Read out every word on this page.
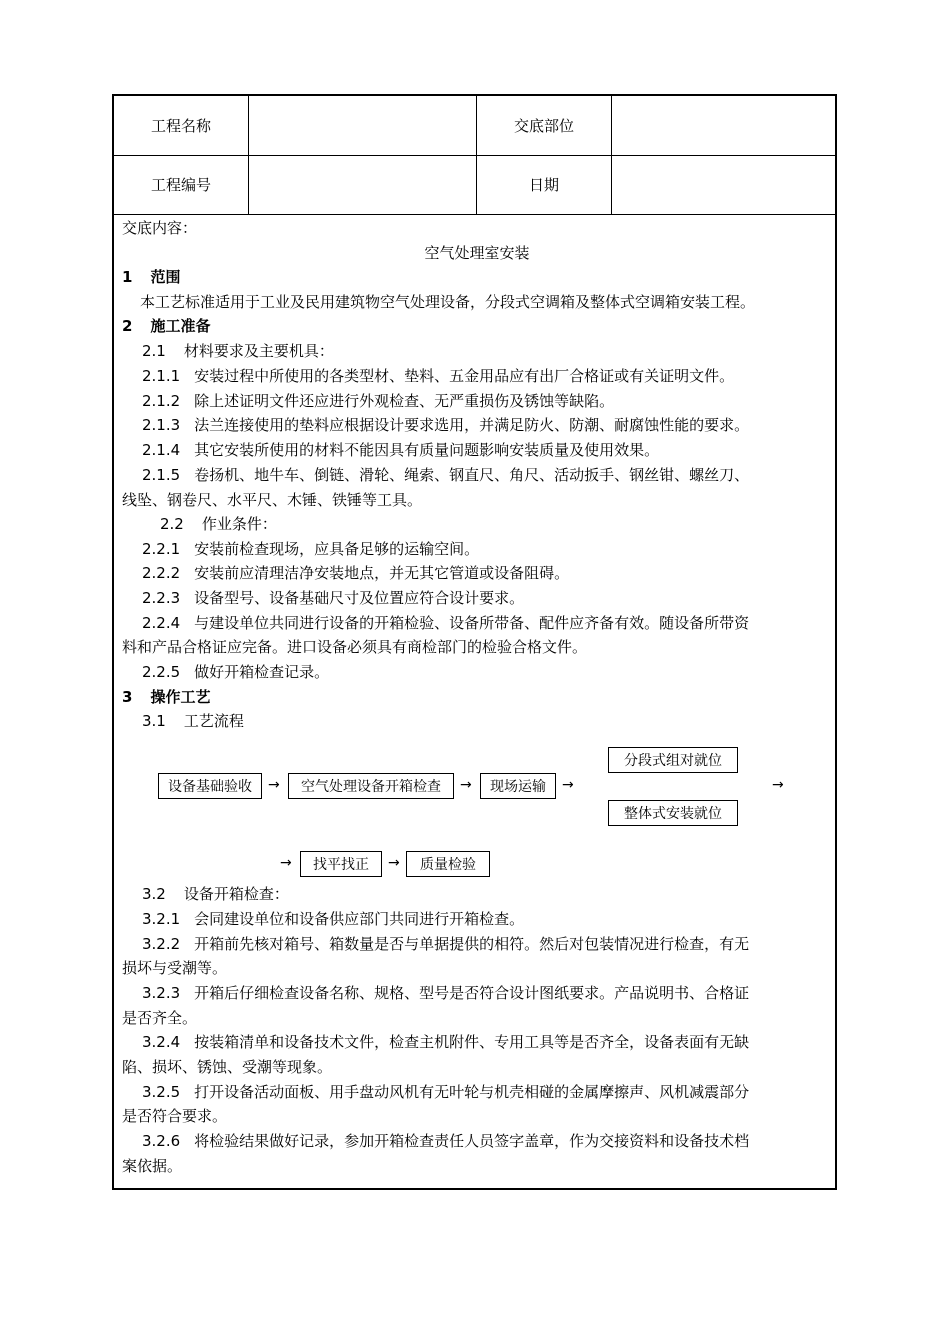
工程名称	交底部位
工程编号	日期
交底内容：
空气处理室安装
1 范围
本工艺标准适用于工业及民用建筑物空气处理设备，分段式空调箱及整体式空调箱安装工程。
2 施工准备
2.1 材料要求及主要机具：
2.1.1 安装过程中所使用的各类型材、垫料、五金用品应有出厂合格证或有关证明文件。
2.1.2 除上述证明文件还应进行外观检查、无严重损伤及锈蚀等缺陷。
2.1.3 法兰连接使用的垫料应根据设计要求选用，并满足防火、防潮、耐腐蚀性能的要求。
2.1.4 其它安装所使用的材料不能因具有质量问题影响安装质量及使用效果。
2.1.5 卷扬机、地牛车、倒链、滑轮、绳索、钢直尺、角尺、活动扳手、钢丝钳、螺丝刀、
线坠、钢卷尺、水平尺、木锤、铁锤等工具。
2.2 作业条件：
2.2.1 安装前检查现场，应具备足够的运输空间。
2.2.2 安装前应清理洁净安装地点，并无其它管道或设备阻碍。
2.2.3 设备型号、设备基础尺寸及位置应符合设计要求。
2.2.4 与建设单位共同进行设备的开箱检验、设备所带备、配件应齐备有效。随设备所带资
料和产品合格证应完备。进口设备必须具有商检部门的检验合格文件。
2.2.5 做好开箱检查记录。
3 操作工艺
3.1 工艺流程
3.2 设备开箱检查：
3.2.1 会同建设单位和设备供应部门共同进行开箱检查。
3.2.2 开箱前先核对箱号、箱数量是否与单据提供的相符。然后对包装情况进行检查，有无
损坏与受潮等。
3.2.3 开箱后仔细检查设备名称、规格、型号是否符合设计图纸要求。产品说明书、合格证
是否齐全。
3.2.4 按装箱清单和设备技术文件，检查主机附件、专用工具等是否齐全，设备表面有无缺
陷、损坏、锈蚀、受潮等现象。
3.2.5 打开设备活动面板、用手盘动风机有无叶轮与机壳相碰的金属摩擦声、风机减震部分
是否符合要求。
3.2.6 将检验结果做好记录，参加开箱检查责任人员签字盖章，作为交接资料和设备技术档
案依据。
设备基础验收	→	空气处理设备开箱检查	→	现场运输	→
分段式组对就位
整体式安装就位
→
→	找平找正	→	质量检验
